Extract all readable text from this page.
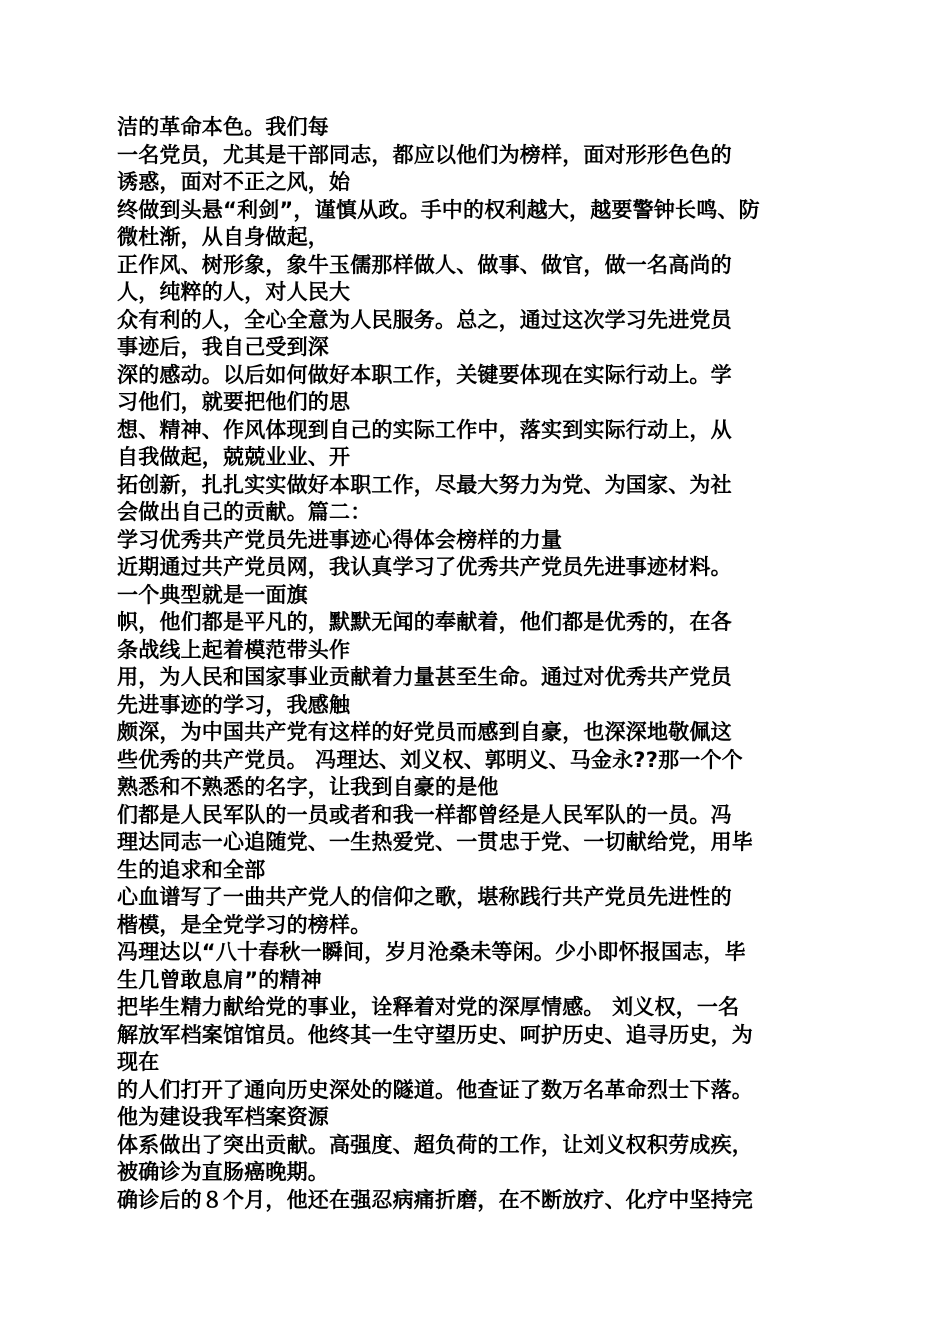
洁的革命本色。我们每
一名党员，尤其是干部同志，都应以他们为榜样，面对形形色色的
诱惑，面对不正之风，始
终做到头悬“利剑”，谨慎从政。手中的权利越大，越要警钟长鸣、防
微杜渐，从自身做起，
正作风、树形象，象牛玉儒那样做人、做事、做官，做一名高尚的
人，纯粹的人，对人民大
众有利的人，全心全意为人民服务。总之，通过这次学习先进党员
事迹后，我自己受到深
深的感动。以后如何做好本职工作，关键要体现在实际行动上。学
习他们，就要把他们的思
想、精神、作风体现到自己的实际工作中，落实到实际行动上，从
自我做起，兢兢业业、开
拓创新，扎扎实实做好本职工作，尽最大努力为党、为国家、为社
会做出自己的贡献。篇二：
学习优秀共产党员先进事迹心得体会榜样的力量
近期通过共产党员网，我认真学习了优秀共产党员先进事迹材料。
一个典型就是一面旗
帜，他们都是平凡的，默默无闻的奉献着，他们都是优秀的，在各
条战线上起着模范带头作
用，为人民和国家事业贡献着力量甚至生命。通过对优秀共产党员
先进事迹的学习，我感触
颇深，为中国共产党有这样的好党员而感到自豪，也深深地敬佩这
些优秀的共产党员。 冯理达、刘义权、郭明义、马金永??那一个个
熟悉和不熟悉的名字，让我到自豪的是他
们都是人民军队的一员或者和我一样都曾经是人民军队的一员。冯
理达同志一心追随党、一生热爱党、一贯忠于党、一切献给党，用毕
生的追求和全部
心血谱写了一曲共产党人的信仰之歌，堪称践行共产党员先进性的
楷模，是全党学习的榜样。
冯理达以“八十春秋一瞬间，岁月沧桑未等闲。少小即怀报国志，毕
生几曾敢息肩”的精神
把毕生精力献给党的事业，诠释着对党的深厚情感。 刘义权，一名
解放军档案馆馆员。他终其一生守望历史、呵护历史、追寻历史，为
现在
的人们打开了通向历史深处的隧道。他查证了数万名革命烈士下落。
他为建设我军档案资源
体系做出了突出贡献。高强度、超负荷的工作，让刘义权积劳成疾，
被确诊为直肠癌晚期。
确诊后的８个月，他还在强忍病痛折磨，在不断放疗、化疗中坚持完
